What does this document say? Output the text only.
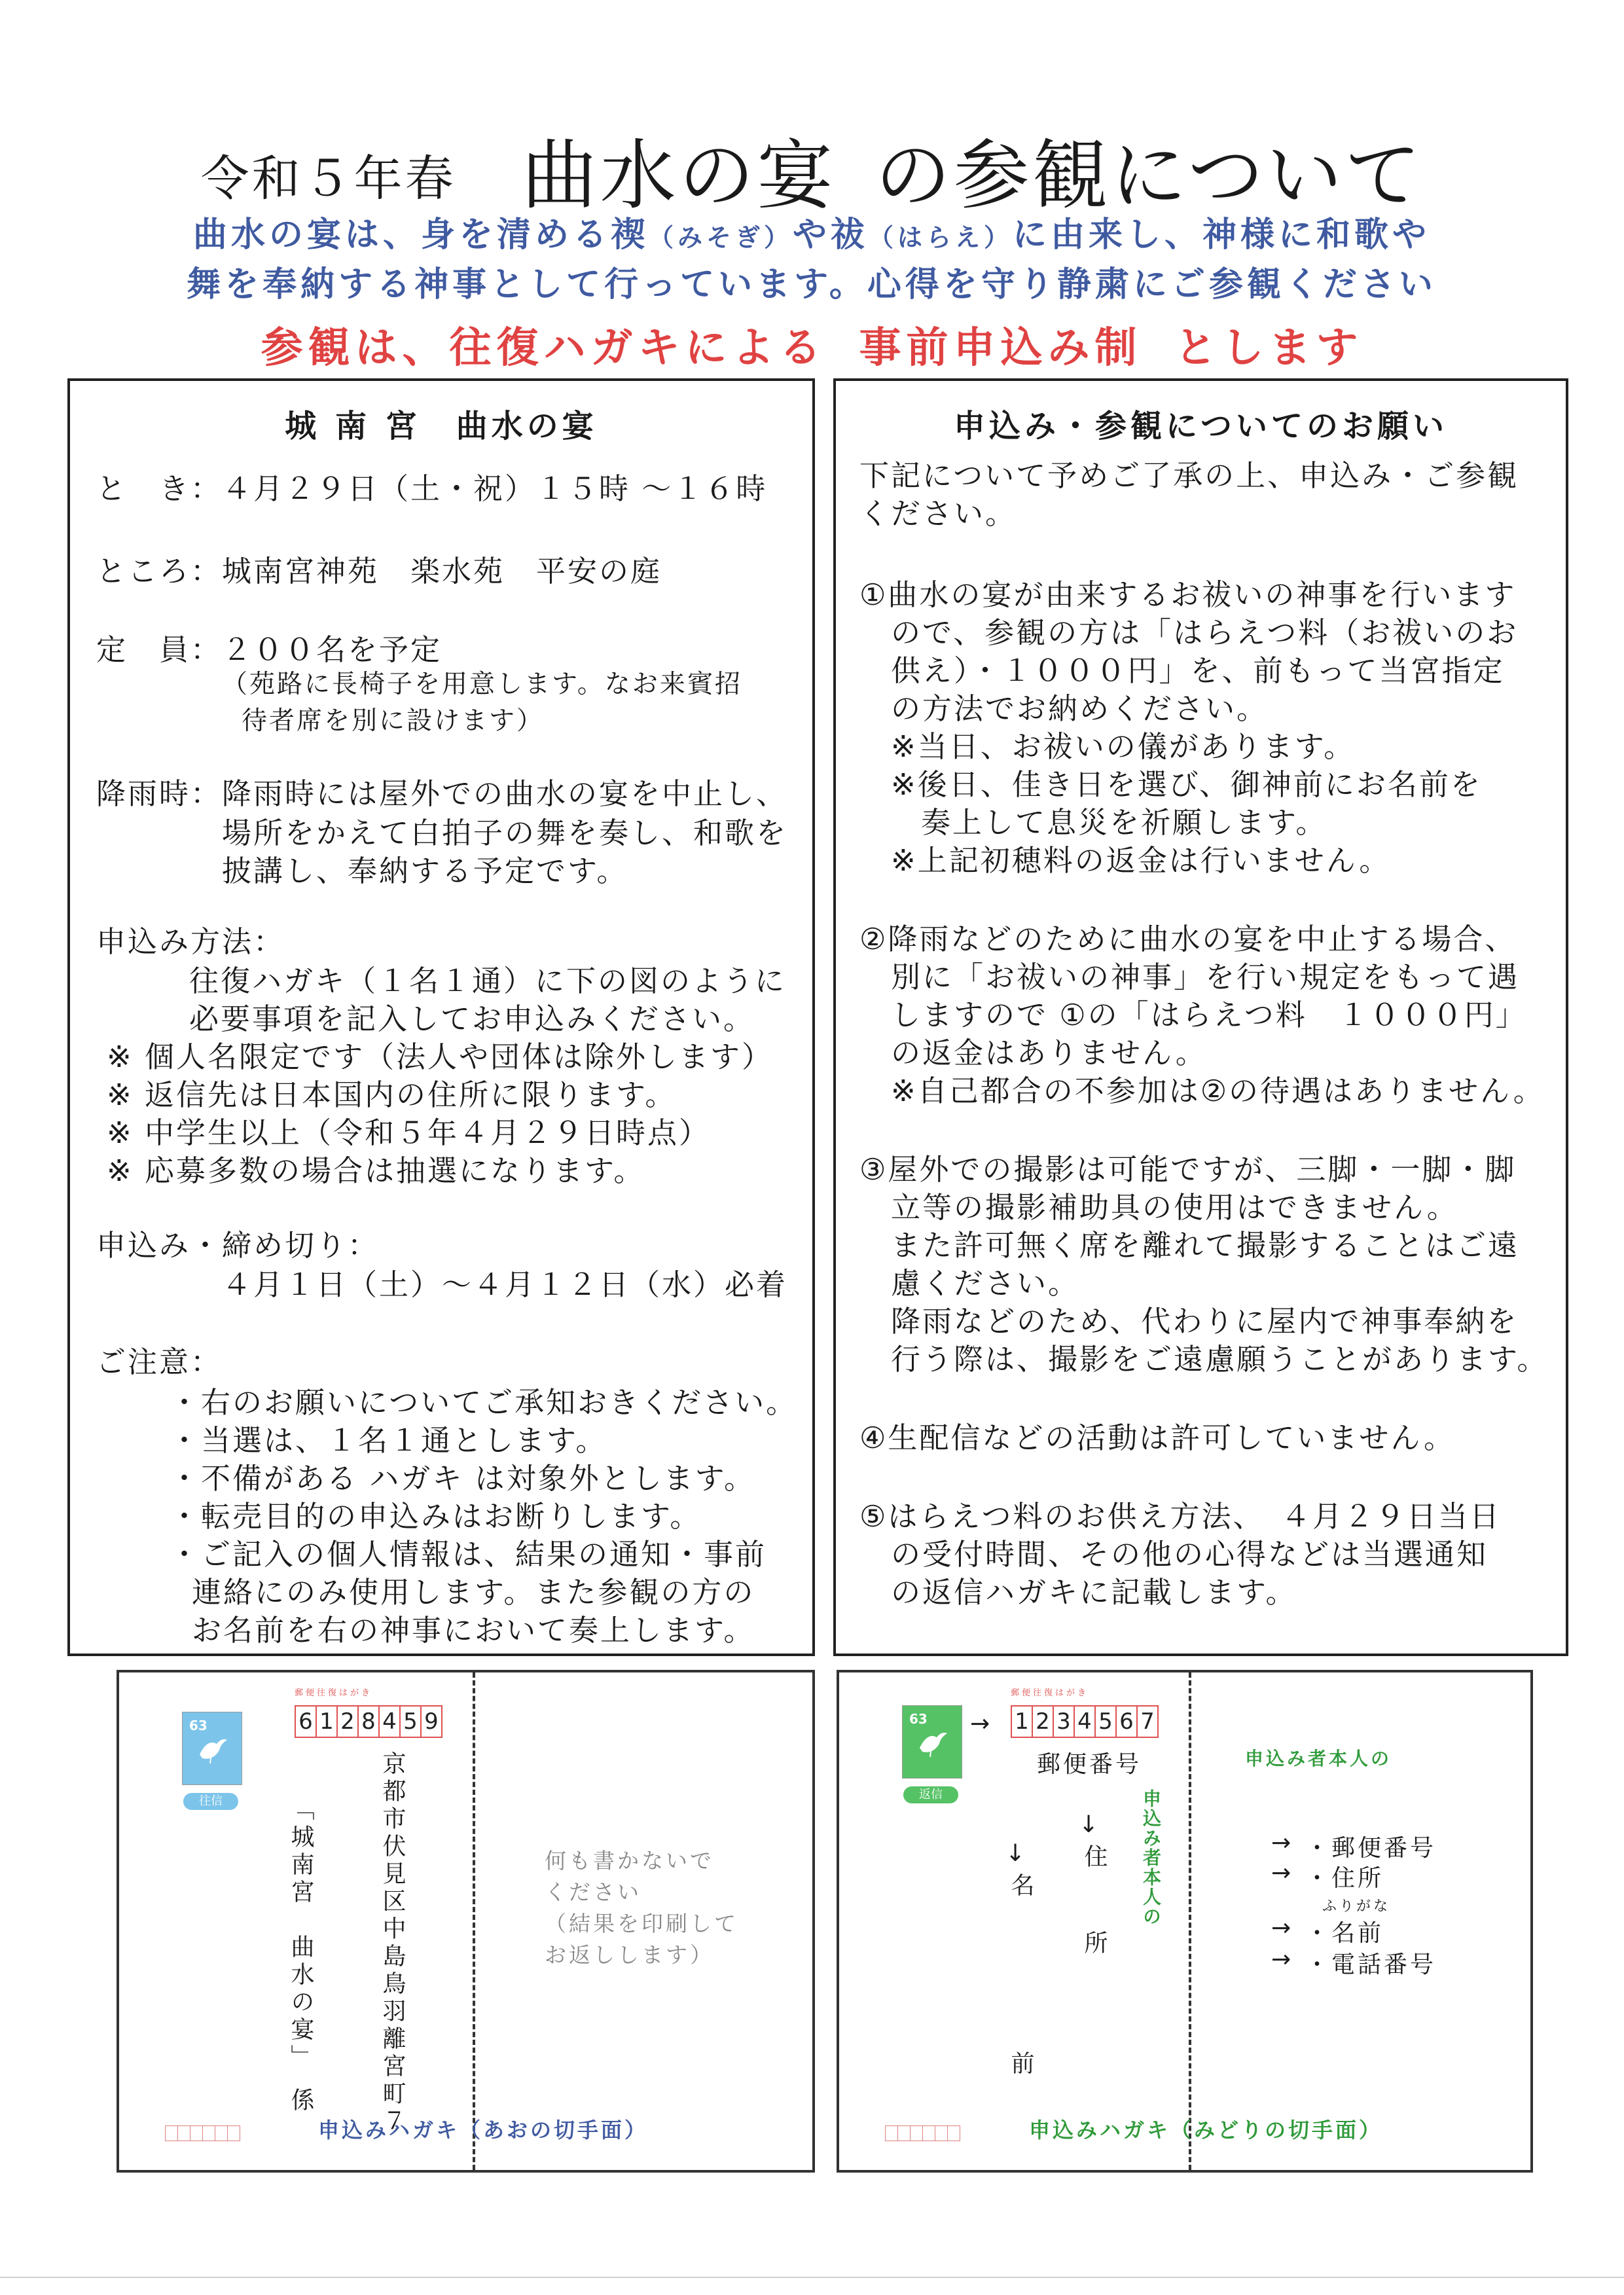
令和５年春 曲水の宴 の参観について
曲水の宴は、身を清める禊（みそぎ）や祓（はらえ）に由来し、神様に和歌や
舞を奉納する神事として行っています。心得を守り静粛にご参観ください
参観は、往復ハガキによる 事前申込み制 とします
城 南 宮　曲水の宴
と　き：４月２９日（土・祝）１５時 ～１６時
ところ：城南宮神苑　楽水苑　平安の庭
定　員：２００名を予定
（苑路に長椅子を用意します。なお来賓招
待者席を別に設けます）
降雨時：降雨時には屋外での曲水の宴を中止し、
場所をかえて白拍子の舞を奏し、和歌を
披講し、奉納する予定です。
申込み方法：
往復ハガキ（１名１通）に下の図のように
必要事項を記入してお申込みください。
※ 個人名限定です（法人や団体は除外します）
※ 返信先は日本国内の住所に限ります。
※ 中学生以上（令和５年４月２９日時点）
※ 応募多数の場合は抽選になります。
申込み・締め切り：
４月１日（土）～４月１２日（水）必着
ご注意：
・右のお願いについてご承知おきください。
・当選は、１名１通とします。
・不備がある ハガキ は対象外とします。
・転売目的の申込みはお断りします。
・ご記入の個人情報は、結果の通知・事前
連絡にのみ使用します。また参観の方の
お名前を右の神事において奏上します。
申込み・参観についてのお願い
下記について予めご了承の上、申込み・ご参観
ください。
①曲水の宴が由来するお祓いの神事を行います
ので、参観の方は「はらえつ料（お祓いのお
供え）・１０００円」を、前もって当宮指定
の方法でお納めください。
※当日、お祓いの儀があります。
※後日、佳き日を選び、御神前にお名前を
奏上して息災を祈願します。
※上記初穂料の返金は行いません。
②降雨などのために曲水の宴を中止する場合、
別に「お祓いの神事」を行い規定をもって遇
しますので ①の「はらえつ料　１０００円」
の返金はありません。
※自己都合の不参加は②の待遇はありません。
③屋外での撮影は可能ですが、三脚・一脚・脚
立等の撮影補助具の使用はできません。
また許可無く席を離れて撮影することはご遠
慮ください。
降雨などのため、代わりに屋内で神事奉納を
行う際は、撮影をご遠慮願うことがあります。
④生配信などの活動は許可していません。
⑤はらえつ料のお供え方法、　４月２９日当日
の受付時間、その他の心得などは当選通知
の返信ハガキに記載します。
63
往信
郵便往復はがき
6 1 2 8 4 5 9
京都市伏見区中島鳥羽離宮町７
「城南宮　曲水の宴」　係	何も書かないで
ください
（結果を印刷して
お返しします）
申込みハガキ（あおの切手面）
63
返信
→
郵便往復はがき
1 2 3 4 5 6 7
郵便番号
↓
住　所
↓
名　前
申込み者本人の
申込み者本人の
→ ・郵便番号
→ ・住所
ふりがな
→ ・名前
→ ・電話番号
申込みハガキ（みどりの切手面）
